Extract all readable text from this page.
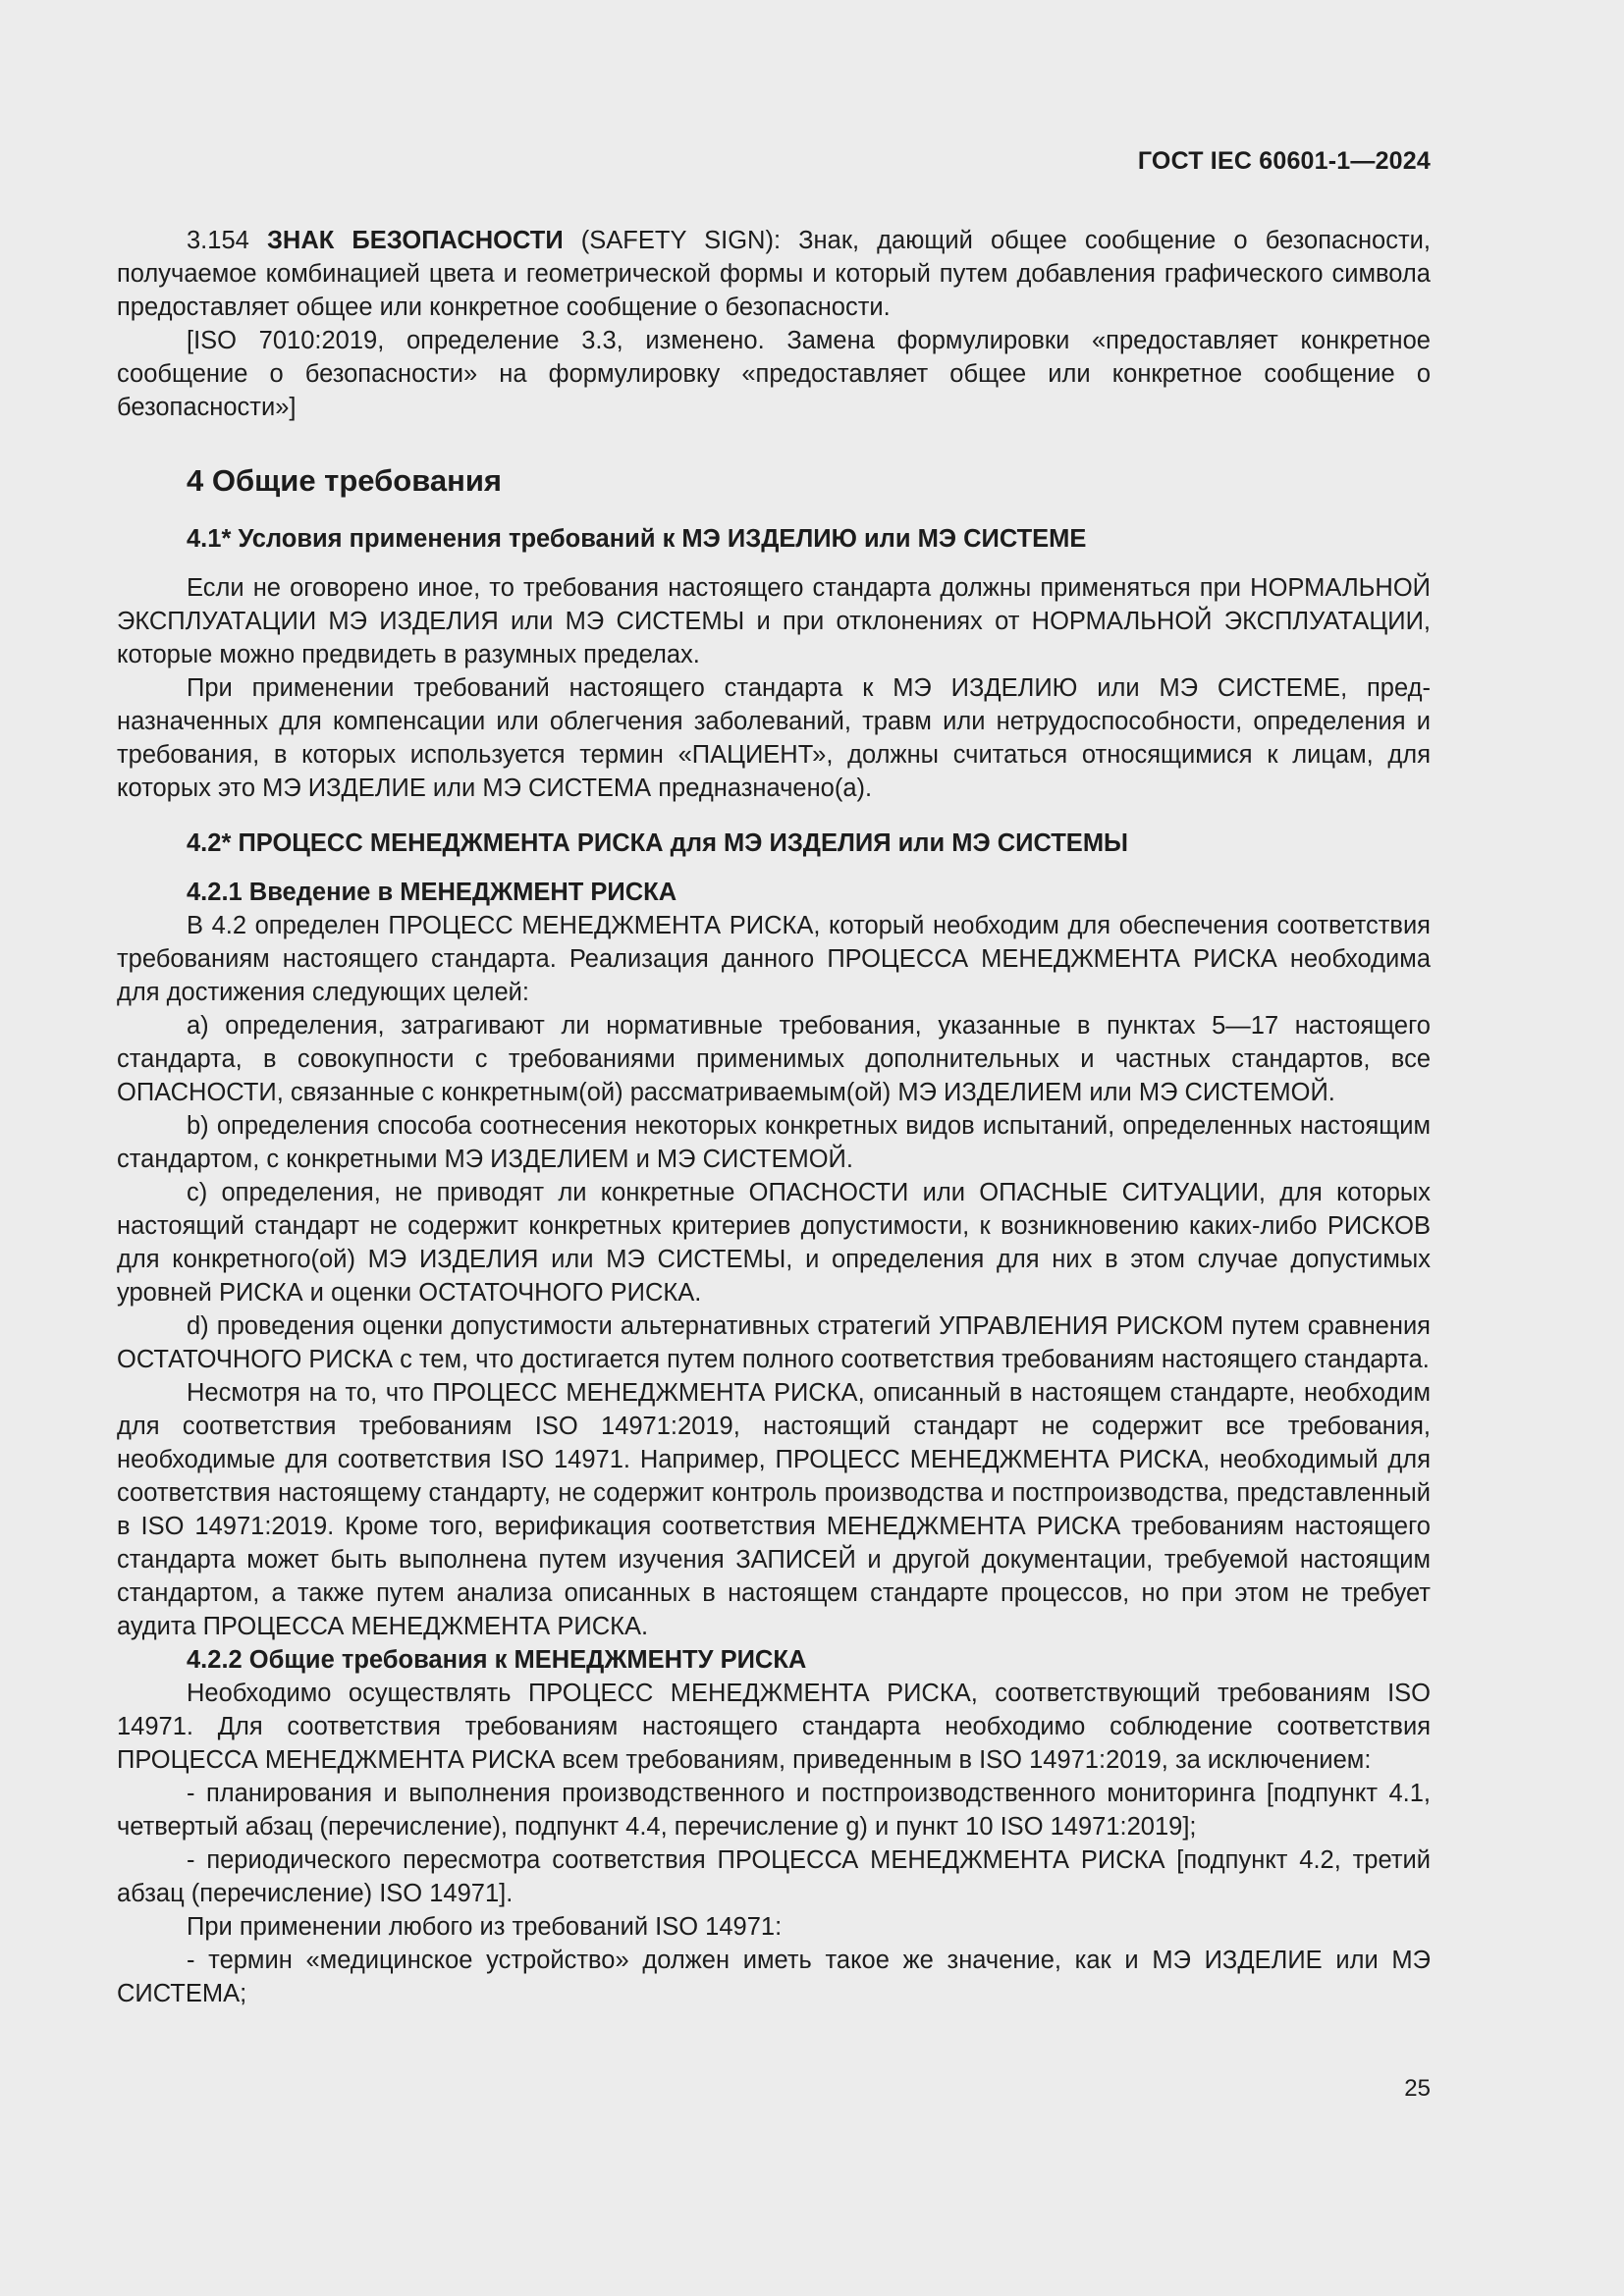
ГОСТ IEC 60601-1—2024

3.154 ЗНАК БЕЗОПАСНОСТИ (SAFETY SIGN): Знак, дающий общее сообщение о безопасности, получаемое комбинацией цвета и геометрической формы и который путем добавления графического символа предоставляет общее или конкретное сообщение о безопасности.

[ISO 7010:2019, определение 3.3, изменено. Замена формулировки «предоставляет конкретное сообщение о безопасности» на формулировку «предоставляет общее или конкретное сообщение о безопасности»]

4 Общие требования

4.1* Условия применения требований к МЭ ИЗДЕЛИЮ или МЭ СИСТЕМЕ

Если не оговорено иное, то требования настоящего стандарта должны применяться при НОРМАЛЬНОЙ ЭКСПЛУАТАЦИИ МЭ ИЗДЕЛИЯ или МЭ СИСТЕМЫ и при отклонениях от НОРМАЛЬНОЙ ЭКСПЛУАТАЦИИ, которые можно предвидеть в разумных пределах.

При применении требований настоящего стандарта к МЭ ИЗДЕЛИЮ или МЭ СИСТЕМЕ, предназначенных для компенсации или облегчения заболеваний, травм или нетрудоспособности, определения и требования, в которых используется термин «ПАЦИЕНТ», должны считаться относящимися к лицам, для которых это МЭ ИЗДЕЛИЕ или МЭ СИСТЕМА предназначено(а).

4.2* ПРОЦЕСС МЕНЕДЖМЕНТА РИСКА для МЭ ИЗДЕЛИЯ или МЭ СИСТЕМЫ

4.2.1 Введение в МЕНЕДЖМЕНТ РИСКА

В 4.2 определен ПРОЦЕСС МЕНЕДЖМЕНТА РИСКА, который необходим для обеспечения соответствия требованиям настоящего стандарта. Реализация данного ПРОЦЕССА МЕНЕДЖМЕНТА РИСКА необходима для достижения следующих целей:

a) определения, затрагивают ли нормативные требования, указанные в пунктах 5—17 настоящего стандарта, в совокупности с требованиями применимых дополнительных и частных стандартов, все ОПАСНОСТИ, связанные с конкретным(ой) рассматриваемым(ой) МЭ ИЗДЕЛИЕМ или МЭ СИСТЕМОЙ.

b) определения способа соотнесения некоторых конкретных видов испытаний, определенных настоящим стандартом, с конкретными МЭ ИЗДЕЛИЕМ и МЭ СИСТЕМОЙ.

c) определения, не приводят ли конкретные ОПАСНОСТИ или ОПАСНЫЕ СИТУАЦИИ, для которых настоящий стандарт не содержит конкретных критериев допустимости, к возникновению каких-либо РИСКОВ для конкретного(ой) МЭ ИЗДЕЛИЯ или МЭ СИСТЕМЫ, и определения для них в этом случае допустимых уровней РИСКА и оценки ОСТАТОЧНОГО РИСКА.

d) проведения оценки допустимости альтернативных стратегий УПРАВЛЕНИЯ РИСКОМ путем сравнения ОСТАТОЧНОГО РИСКА с тем, что достигается путем полного соответствия требованиям настоящего стандарта.

Несмотря на то, что ПРОЦЕСС МЕНЕДЖМЕНТА РИСКА, описанный в настоящем стандарте, необходим для соответствия требованиям ISO 14971:2019, настоящий стандарт не содержит все требования, необходимые для соответствия ISO 14971. Например, ПРОЦЕСС МЕНЕДЖМЕНТА РИСКА, необходимый для соответствия настоящему стандарту, не содержит контроль производства и постпроизводства, представленный в ISO 14971:2019. Кроме того, верификация соответствия МЕНЕДЖМЕНТА РИСКА требованиям настоящего стандарта может быть выполнена путем изучения ЗАПИСЕЙ и другой документации, требуемой настоящим стандартом, а также путем анализа описанных в настоящем стандарте процессов, но при этом не требует аудита ПРОЦЕССА МЕНЕДЖМЕНТА РИСКА.

4.2.2 Общие требования к МЕНЕДЖМЕНТУ РИСКА

Необходимо осуществлять ПРОЦЕСС МЕНЕДЖМЕНТА РИСКА, соответствующий требованиям ISO 14971. Для соответствия требованиям настоящего стандарта необходимо соблюдение соответствия ПРОЦЕССА МЕНЕДЖМЕНТА РИСКА всем требованиям, приведенным в ISO 14971:2019, за исключением:

- планирования и выполнения производственного и постпроизводственного мониторинга [подпункт 4.1, четвертый абзац (перечисление), подпункт 4.4, перечисление g) и пункт 10 ISO 14971:2019];

- периодического пересмотра соответствия ПРОЦЕССА МЕНЕДЖМЕНТА РИСКА [подпункт 4.2, третий абзац (перечисление) ISO 14971].

При применении любого из требований ISO 14971:

- термин «медицинское устройство» должен иметь такое же значение, как и МЭ ИЗДЕЛИЕ или МЭ СИСТЕМА;

25
